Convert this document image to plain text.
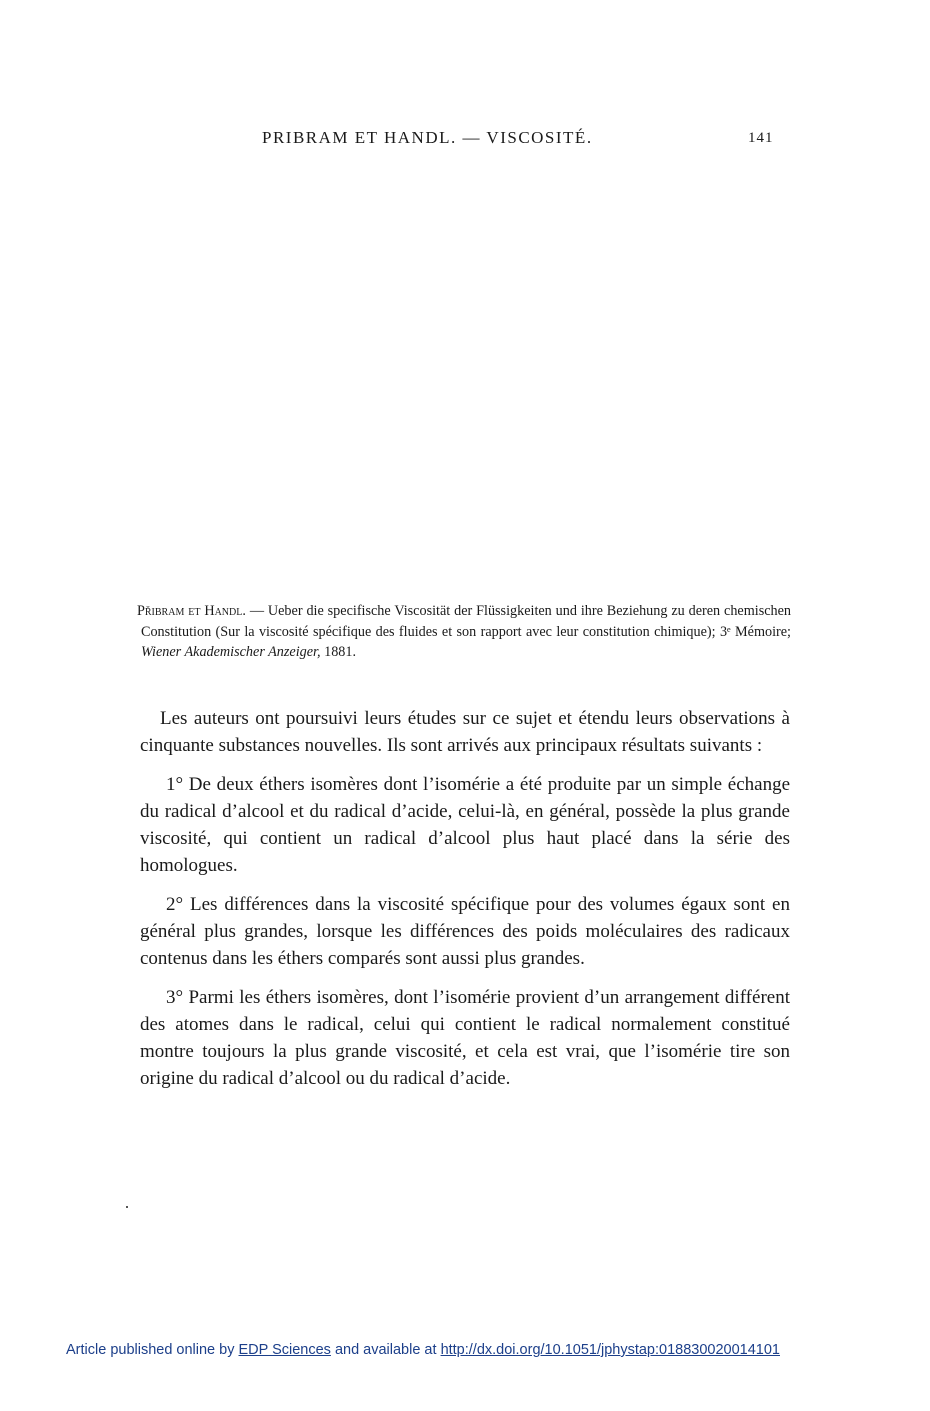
PRIBRAM ET HANDL. — VISCOSITÉ.	141
Přibram et Handl. — Ueber die specifische Viscosität der Flüssigkeiten und ihre Beziehung zu deren chemischen Constitution (Sur la viscosité spécifique des fluides et son rapport avec leur constitution chimique); 3ᵉ Mémoire; Wiener Akademischer Anzeiger, 1881.

Les auteurs ont poursuivi leurs études sur ce sujet et étendu leurs observations à cinquante substances nouvelles. Ils sont arrivés aux principaux résultats suivants :

1° De deux éthers isomères dont l’isomérie a été produite par un simple échange du radical d’alcool et du radical d’acide, celui-là, en général, possède la plus grande viscosité, qui contient un radical d’alcool plus haut placé dans la série des homologues.

2° Les différences dans la viscosité spécifique pour des volumes égaux sont en général plus grandes, lorsque les différences des poids moléculaires des radicaux contenus dans les éthers comparés sont aussi plus grandes.

3° Parmi les éthers isomères, dont l’isomérie provient d’un arrangement différent des atomes dans le radical, celui qui contient le radical normalement constitué montre toujours la plus grande viscosité, et cela est vrai, que l’isomérie tire son origine du radical d’alcool ou du radical d’acide.

Article published online by EDP Sciences and available at http://dx.doi.org/10.1051/jphystap:018830020014101
